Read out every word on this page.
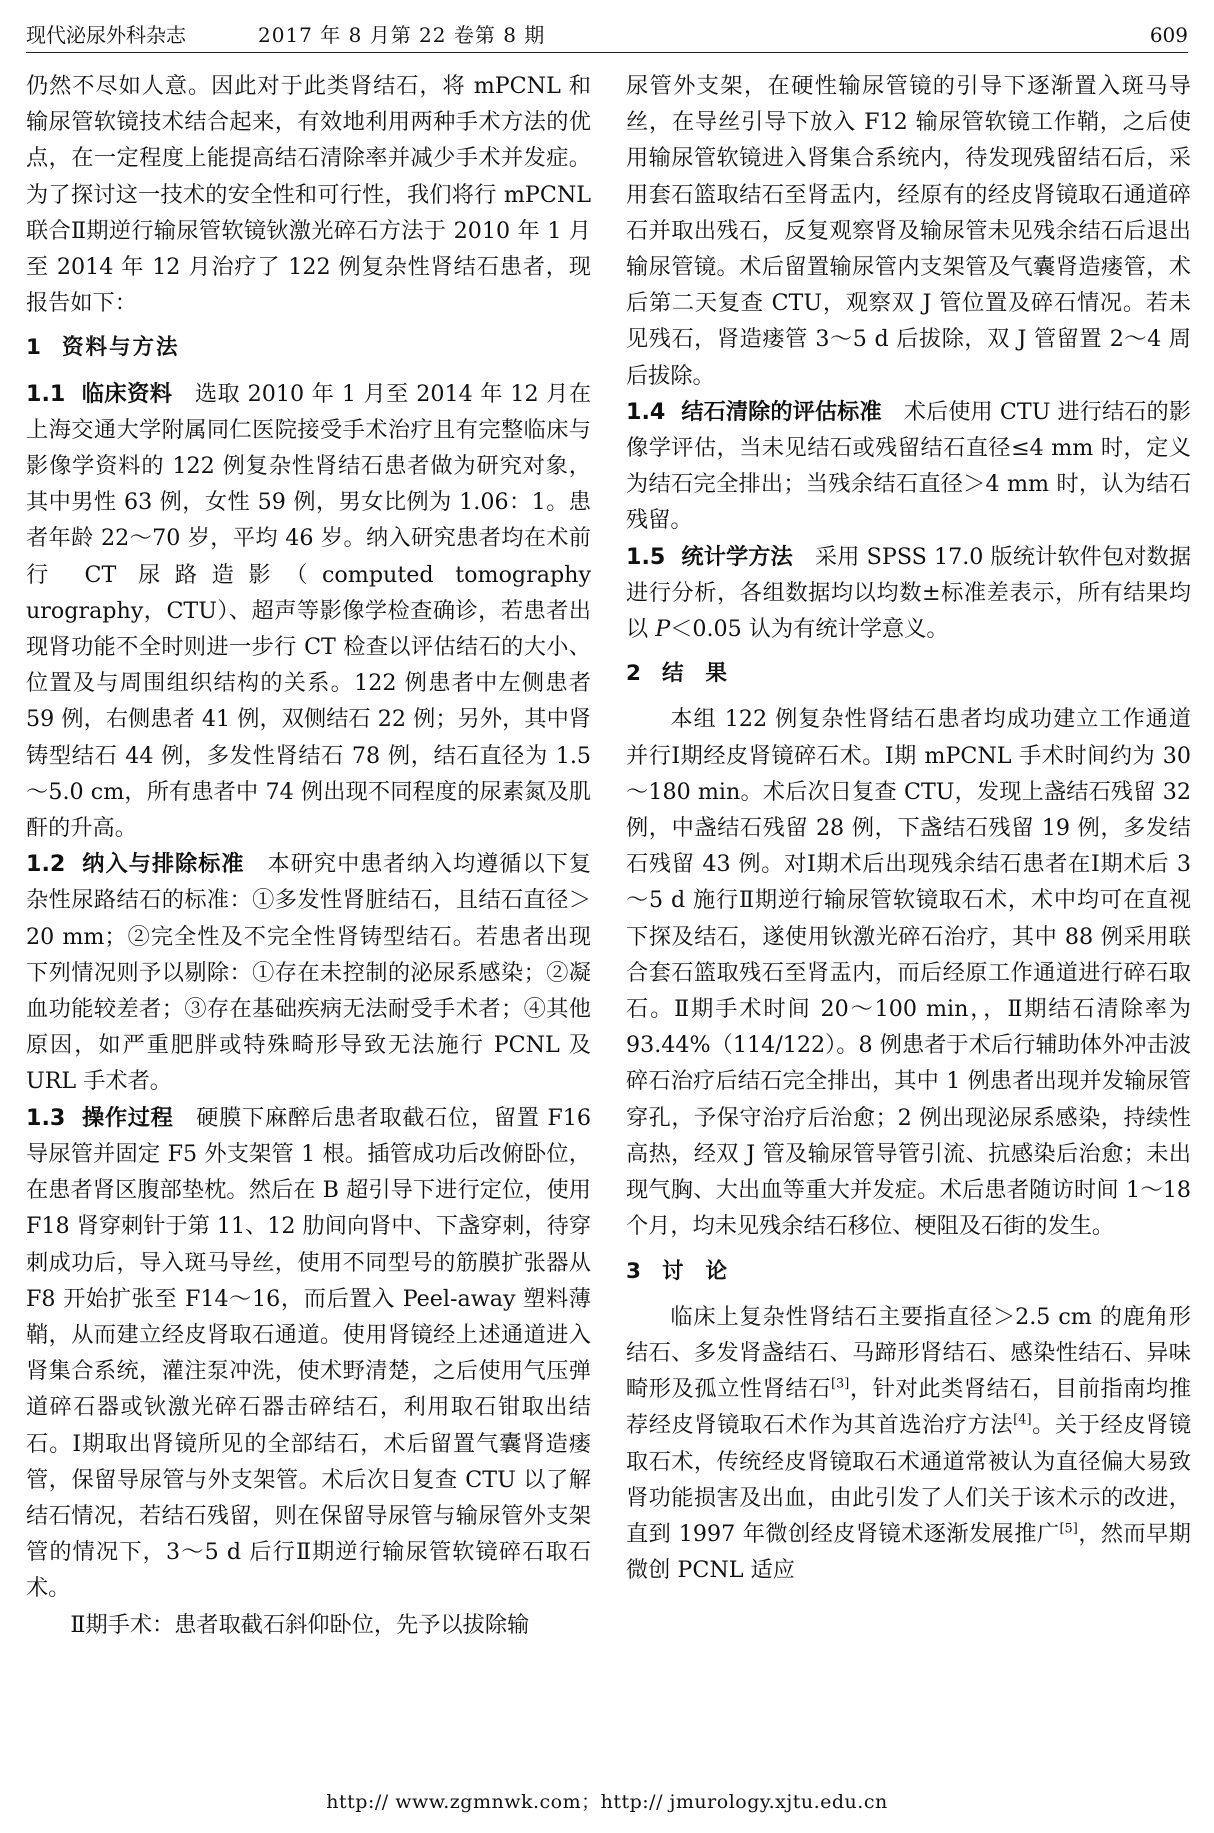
现代泌尿外科杂志	2017 年 8 月第 22 卷第 8 期	609

仍然不尽如人意。因此对于此类肾结石，将 mPCNL 和输尿管软镜技术结合起来，有效地利用两种手术方法的优点，在一定程度上能提高结石清除率并减少手术并发症。为了探讨这一技术的安全性和可行性，我们将行 mPCNL 联合Ⅱ期逆行输尿管软镜钬激光碎石方法于 2010 年 1 月至 2014 年 12 月治疗了 122 例复杂性肾结石患者，现报告如下：

1 资料与方法

1.1 临床资料 选取 2010 年 1 月至 2014 年 12 月在上海交通大学附属同仁医院接受手术治疗且有完整临床与影像学资料的 122 例复杂性肾结石患者做为研究对象，其中男性 63 例，女性 59 例，男女比例为 1.06：1。患者年龄 22～70 岁，平均 46 岁。纳入研究患者均在术前行 CT 尿路造影（computed tomography urography，CTU）、超声等影像学检查确诊，若患者出现肾功能不全时则进一步行 CT 检查以评估结石的大小、位置及与周围组织结构的关系。122 例患者中左侧患者 59 例，右侧患者 41 例，双侧结石 22 例；另外，其中肾铸型结石 44 例，多发性肾结石 78 例，结石直径为 1.5～5.0 cm，所有患者中 74 例出现不同程度的尿素氮及肌酐的升高。

1.2 纳入与排除标准 本研究中患者纳入均遵循以下复杂性尿路结石的标准：①多发性肾脏结石，且结石直径＞20 mm；②完全性及不完全性肾铸型结石。若患者出现下列情况则予以剔除：①存在未控制的泌尿系感染；②凝血功能较差者；③存在基础疾病无法耐受手术者；④其他原因，如严重肥胖或特殊畸形导致无法施行 PCNL 及 URL 手术者。

1.3 操作过程 硬膜下麻醉后患者取截石位，留置 F16 导尿管并固定 F5 外支架管 1 根。插管成功后改俯卧位，在患者肾区腹部垫枕。然后在 B 超引导下进行定位，使用 F18 肾穿刺针于第 11、12 肋间向肾中、下盏穿刺，待穿刺成功后，导入斑马导丝，使用不同型号的筋膜扩张器从 F8 开始扩张至 F14～16，而后置入 Peel-away 塑料薄鞘，从而建立经皮肾取石通道。使用肾镜经上述通道进入肾集合系统，灌注泵冲洗，使术野清楚，之后使用气压弹道碎石器或钬激光碎石器击碎结石，利用取石钳取出结石。Ⅰ期取出肾镜所见的全部结石，术后留置气囊肾造瘘管，保留导尿管与外支架管。术后次日复查 CTU 以了解结石情况，若结石残留，则在保留导尿管与输尿管外支架管的情况下，3～5 d 后行Ⅱ期逆行输尿管软镜碎石取石术。

Ⅱ期手术：患者取截石斜仰卧位，先予以拔除输

尿管外支架，在硬性输尿管镜的引导下逐渐置入斑马导丝，在导丝引导下放入 F12 输尿管软镜工作鞘，之后使用输尿管软镜进入肾集合系统内，待发现残留结石后，采用套石篮取结石至肾盂内，经原有的经皮肾镜取石通道碎石并取出残石，反复观察肾及输尿管未见残余结石后退出输尿管镜。术后留置输尿管内支架管及气囊肾造瘘管，术后第二天复查 CTU，观察双 J 管位置及碎石情况。若未见残石，肾造瘘管 3～5 d 后拔除，双 J 管留置 2～4 周后拔除。

1.4 结石清除的评估标准 术后使用 CTU 进行结石的影像学评估，当未见结石或残留结石直径≤4 mm 时，定义为结石完全排出；当残余结石直径＞4 mm 时，认为结石残留。

1.5 统计学方法 采用 SPSS 17.0 版统计软件包对数据进行分析，各组数据均以均数±标准差表示，所有结果均以 P＜0.05 认为有统计学意义。

2 结果

本组 122 例复杂性肾结石患者均成功建立工作通道并行Ⅰ期经皮肾镜碎石术。Ⅰ期 mPCNL 手术时间约为 30～180 min。术后次日复查 CTU，发现上盏结石残留 32 例，中盏结石残留 28 例，下盏结石残留 19 例，多发结石残留 43 例。对Ⅰ期术后出现残余结石患者在Ⅰ期术后 3～5 d 施行Ⅱ期逆行输尿管软镜取石术，术中均可在直视下探及结石，遂使用钬激光碎石治疗，其中 88 例采用联合套石篮取残石至肾盂内，而后经原工作通道进行碎石取石。Ⅱ期手术时间 20～100 min，，Ⅱ期结石清除率为 93.44%（114/122）。8 例患者于术后行辅助体外冲击波碎石治疗后结石完全排出，其中 1 例患者出现并发输尿管穿孔，予保守治疗后治愈；2 例出现泌尿系感染，持续性高热，经双 J 管及输尿管导管引流、抗感染后治愈；未出现气胸、大出血等重大并发症。术后患者随访时间 1～18 个月，均未见残余结石移位、梗阻及石街的发生。

3 讨论

临床上复杂性肾结石主要指直径＞2.5 cm 的鹿角形结石、多发肾盏结石、马蹄形肾结石、感染性结石、异味畸形及孤立性肾结石[3]，针对此类肾结石，目前指南均推荐经皮肾镜取石术作为其首选治疗方法[4]。关于经皮肾镜取石术，传统经皮肾镜取石术通道常被认为直径偏大易致肾功能损害及出血，由此引发了人们关于该术示的改进，直到 1997 年微创经皮肾镜术逐渐发展推广[5]，然而早期微创 PCNL 适应

http:// www.zgmnwk.com；http:// jmurology.xjtu.edu.cn
